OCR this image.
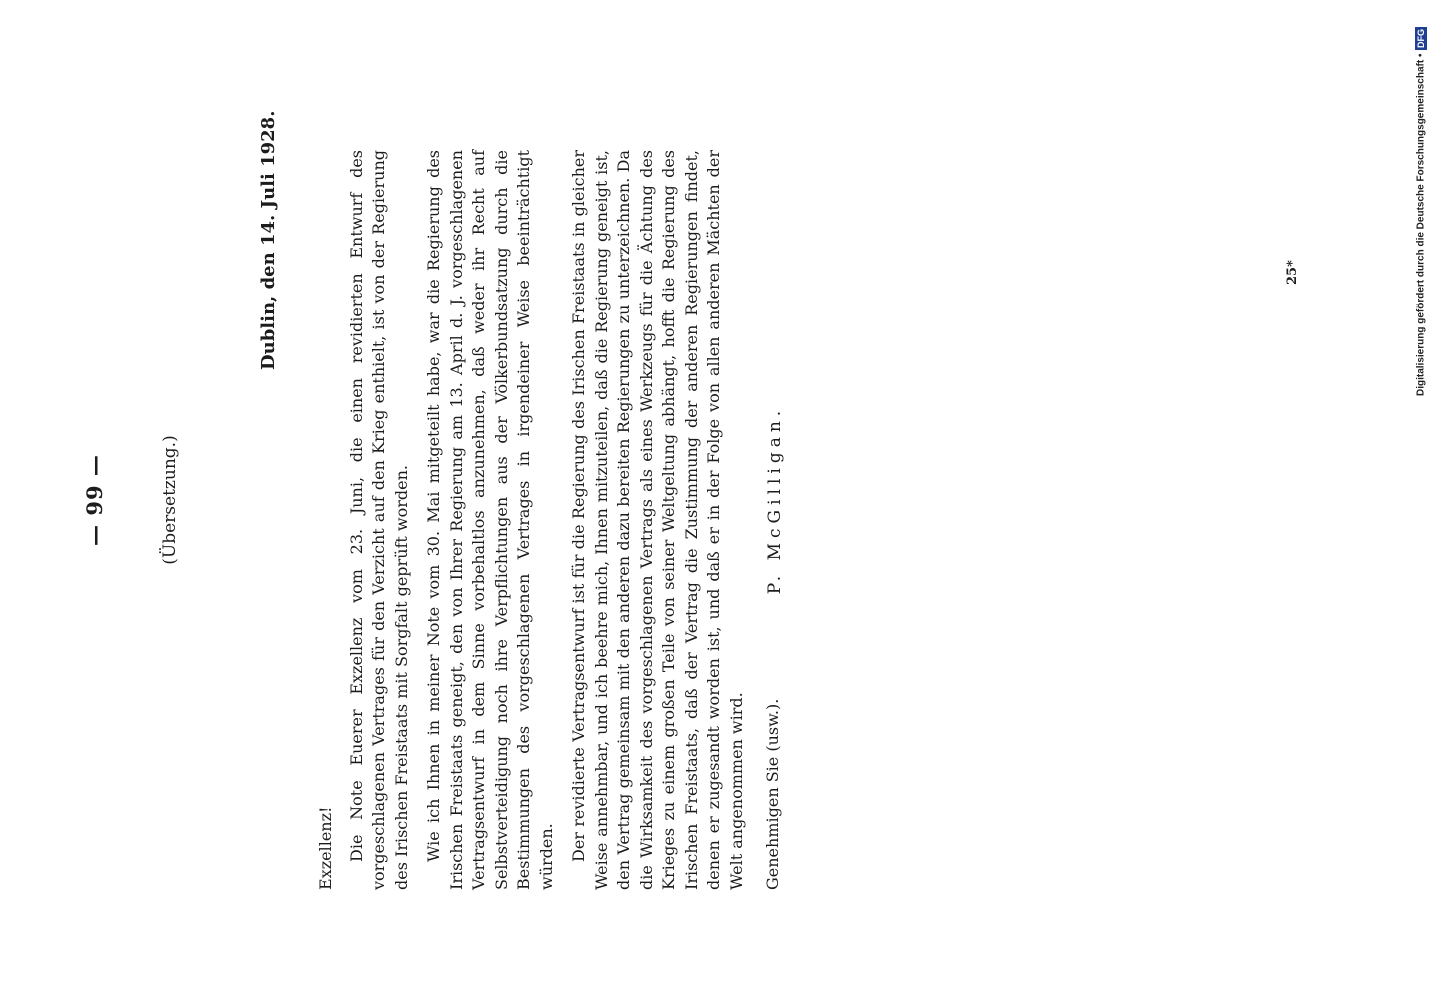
— 99 —	(Übersetzung.)
Dublin, den 14. Juli 1928.

Exzellenz! Die Note Euerer Exzellenz vom 23. Juni, die einen revidierten Entwurf des vorgeschlagenen Vertrages für den Verzicht auf den Krieg enthielt, ist von der Regierung des Irischen Freistaats mit Sorgfalt geprüft worden. Wie ich Ihnen in meiner Note vom 30. Mai mitgeteilt habe, war die Regierung des Irischen Freistaats geneigt, den von Ihrer Regierung am 13. April d. J. vorgeschlagenen Vertragsentwurf in dem Sinne vorbehaltlos anzunehmen, daß weder ihr Recht auf Selbstverteidigung noch ihre Verpflichtungen aus der Völkerbundsatzung durch die Bestimmungen des vorgeschlagenen Vertrages in irgendeiner Weise beeinträchtigt würden. Der revidierte Vertragsentwurf ist für die Regierung des Irischen Freistaats in gleicher Weise annehmbar, und ich beehre mich, Ihnen mitzuteilen, daß die Regierung geneigt ist, den Vertrag gemeinsam mit den anderen dazu bereiten Regierungen zu unterzeichnen. Da die Wirksamkeit des vorgeschlagenen Vertrags als eines Werkzeugs für die Ächtung des Krieges zu einem großen Teile von seiner Weltgeltung abhängt, hofft die Regierung des Irischen Freistaats, daß der Vertrag die Zustimmung der anderen Regierungen findet, denen er zugesandt worden ist, und daß er in der Folge von allen anderen Mächten der Welt angenommen wird. Genehmigen Sie (usw.).

P. McGilligan.
25*	Digitalisierung gefördert durch die Deutsche Forschungsgemeinschaft •
DFG
